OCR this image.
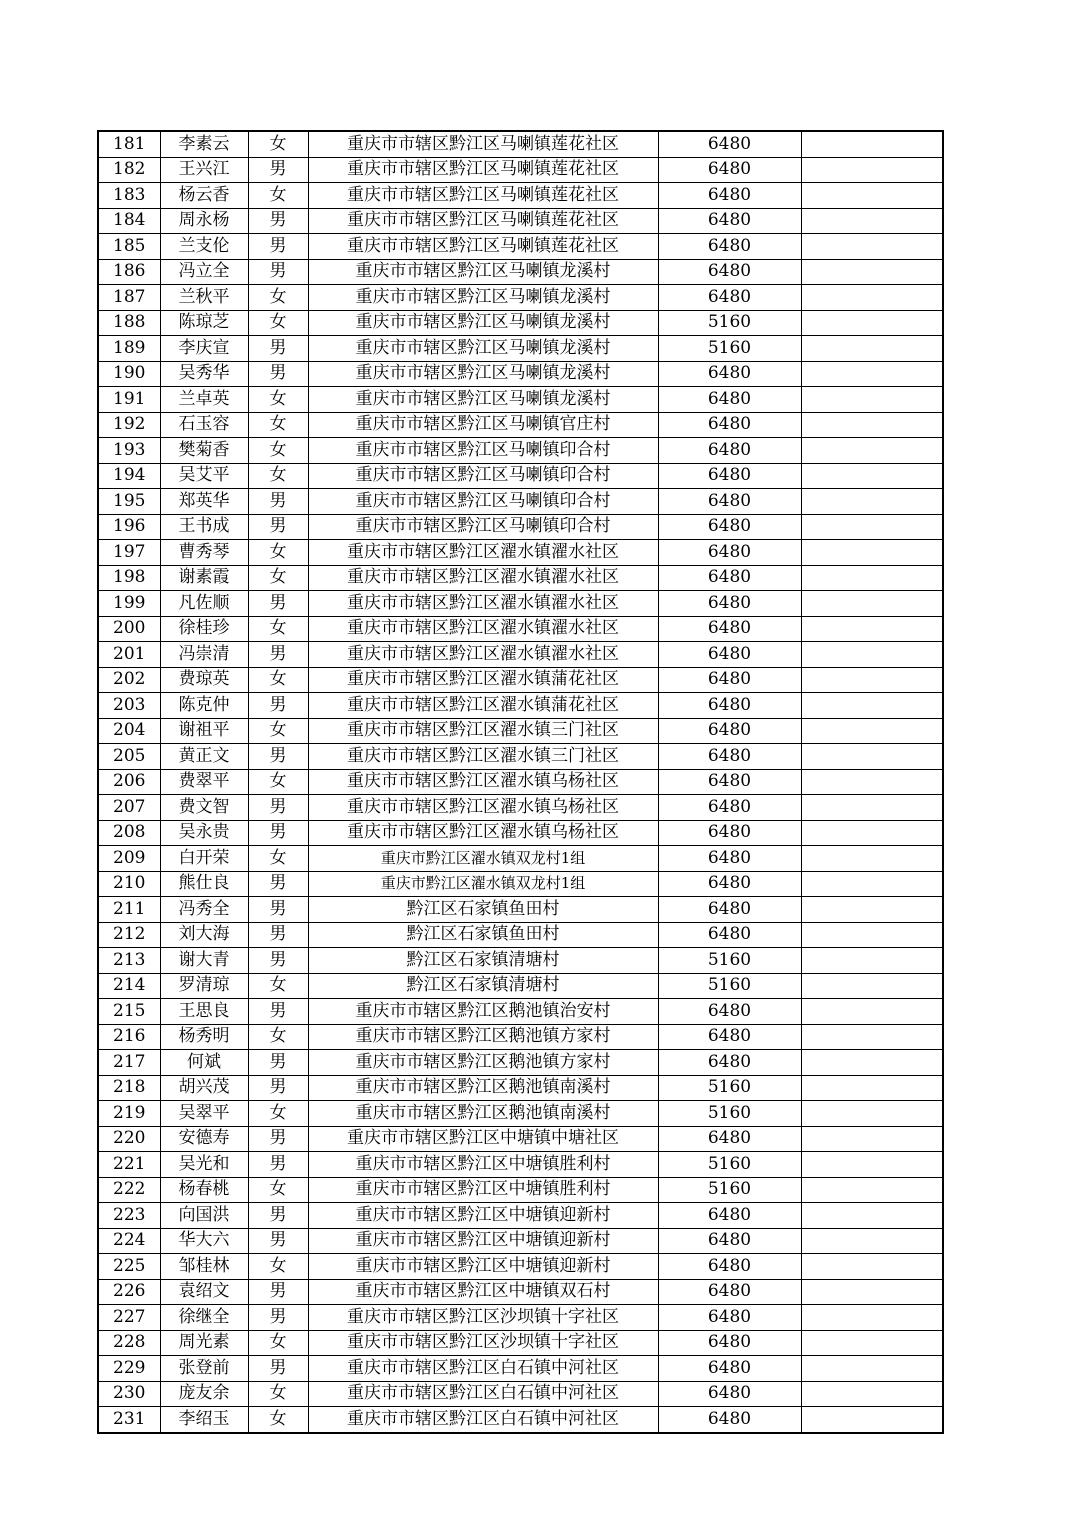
181	李素云	女	重庆市市辖区黔江区马喇镇莲花社区	6480	
182	王兴江	男	重庆市市辖区黔江区马喇镇莲花社区	6480	
183	杨云香	女	重庆市市辖区黔江区马喇镇莲花社区	6480	
184	周永杨	男	重庆市市辖区黔江区马喇镇莲花社区	6480	
185	兰支伦	男	重庆市市辖区黔江区马喇镇莲花社区	6480	
186	冯立全	男	重庆市市辖区黔江区马喇镇龙溪村	6480	
187	兰秋平	女	重庆市市辖区黔江区马喇镇龙溪村	6480	
188	陈琼芝	女	重庆市市辖区黔江区马喇镇龙溪村	5160	
189	李庆宣	男	重庆市市辖区黔江区马喇镇龙溪村	5160	
190	吴秀华	男	重庆市市辖区黔江区马喇镇龙溪村	6480	
191	兰卓英	女	重庆市市辖区黔江区马喇镇龙溪村	6480	
192	石玉容	女	重庆市市辖区黔江区马喇镇官庄村	6480	
193	樊菊香	女	重庆市市辖区黔江区马喇镇印合村	6480	
194	吴艾平	女	重庆市市辖区黔江区马喇镇印合村	6480	
195	郑英华	男	重庆市市辖区黔江区马喇镇印合村	6480	
196	王书成	男	重庆市市辖区黔江区马喇镇印合村	6480	
197	曹秀琴	女	重庆市市辖区黔江区濯水镇濯水社区	6480	
198	谢素霞	女	重庆市市辖区黔江区濯水镇濯水社区	6480	
199	凡佐顺	男	重庆市市辖区黔江区濯水镇濯水社区	6480	
200	徐桂珍	女	重庆市市辖区黔江区濯水镇濯水社区	6480	
201	冯崇清	男	重庆市市辖区黔江区濯水镇濯水社区	6480	
202	费琼英	女	重庆市市辖区黔江区濯水镇蒲花社区	6480	
203	陈克仲	男	重庆市市辖区黔江区濯水镇蒲花社区	6480	
204	谢祖平	女	重庆市市辖区黔江区濯水镇三门社区	6480	
205	黄正文	男	重庆市市辖区黔江区濯水镇三门社区	6480	
206	费翠平	女	重庆市市辖区黔江区濯水镇乌杨社区	6480	
207	费文智	男	重庆市市辖区黔江区濯水镇乌杨社区	6480	
208	吴永贵	男	重庆市市辖区黔江区濯水镇乌杨社区	6480	
209	白开荣	女	重庆市黔江区濯水镇双龙村1组	6480	
210	熊仕良	男	重庆市黔江区濯水镇双龙村1组	6480	
211	冯秀全	男	黔江区石家镇鱼田村	6480	
212	刘大海	男	黔江区石家镇鱼田村	6480	
213	谢大青	男	黔江区石家镇清塘村	5160	
214	罗清琼	女	黔江区石家镇清塘村	5160	
215	王思良	男	重庆市市辖区黔江区鹅池镇治安村	6480	
216	杨秀明	女	重庆市市辖区黔江区鹅池镇方家村	6480	
217	何斌	男	重庆市市辖区黔江区鹅池镇方家村	6480	
218	胡兴茂	男	重庆市市辖区黔江区鹅池镇南溪村	5160	
219	吴翠平	女	重庆市市辖区黔江区鹅池镇南溪村	5160	
220	安德寿	男	重庆市市辖区黔江区中塘镇中塘社区	6480	
221	吴光和	男	重庆市市辖区黔江区中塘镇胜利村	5160	
222	杨春桃	女	重庆市市辖区黔江区中塘镇胜利村	5160	
223	向国洪	男	重庆市市辖区黔江区中塘镇迎新村	6480	
224	华大六	男	重庆市市辖区黔江区中塘镇迎新村	6480	
225	邹桂林	女	重庆市市辖区黔江区中塘镇迎新村	6480	
226	袁绍文	男	重庆市市辖区黔江区中塘镇双石村	6480	
227	徐继全	男	重庆市市辖区黔江区沙坝镇十字社区	6480	
228	周光素	女	重庆市市辖区黔江区沙坝镇十字社区	6480	
229	张登前	男	重庆市市辖区黔江区白石镇中河社区	6480	
230	庞友余	女	重庆市市辖区黔江区白石镇中河社区	6480	
231	李绍玉	女	重庆市市辖区黔江区白石镇中河社区	6480	
